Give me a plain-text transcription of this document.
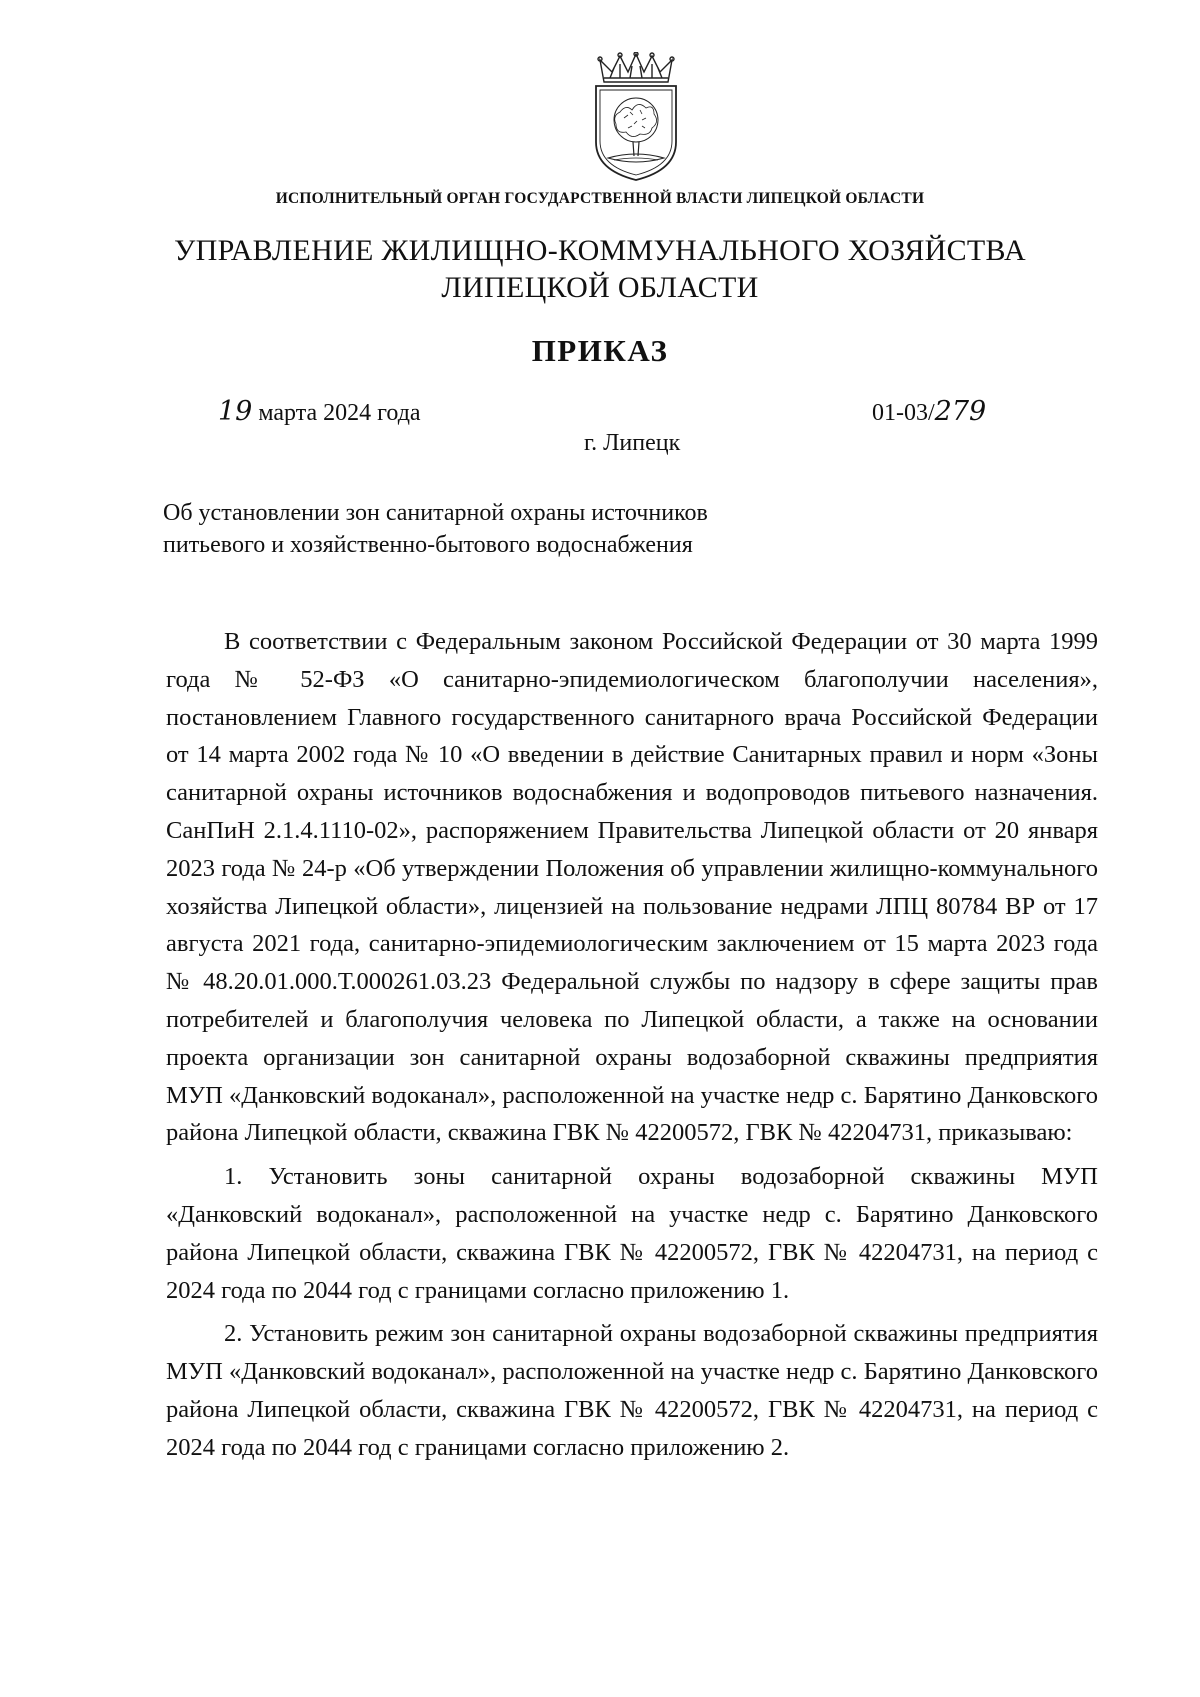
ИСПОЛНИТЕЛЬНЫЙ ОРГАН ГОСУДАРСТВЕННОЙ ВЛАСТИ ЛИПЕЦКОЙ ОБЛАСТИ
УПРАВЛЕНИЕ ЖИЛИЩНО-КОММУНАЛЬНОГО ХОЗЯЙСТВА
ЛИПЕЦКОЙ ОБЛАСТИ
ПРИКАЗ
19 марта 2024 года	01-03/279
г. Липецк
Об установлении зон санитарной охраны источников питьевого и хозяйственно-бытового водоснабжения

В соответствии с Федеральным законом Российской Федерации от 30 марта 1999 года № 52-ФЗ «О санитарно-эпидемиологическом благополучии населения», постановлением Главного государственного санитарного врача Российской Федерации от 14 марта 2002 года № 10 «О введении в действие Санитарных правил и норм «Зоны санитарной охраны источников водоснабжения и водопроводов питьевого назначения. СанПиН 2.1.4.1110-02», распоряжением Правительства Липецкой области от 20 января 2023 года № 24-р «Об утверждении Положения об управлении жилищно-коммунального хозяйства Липецкой области», лицензией на пользование недрами ЛПЦ 80784 ВР от 17 августа 2021 года, санитарно-эпидемиологическим заключением от 15 марта 2023 года № 48.20.01.000.Т.000261.03.23 Федеральной службы по надзору в сфере защиты прав потребителей и благополучия человека по Липецкой области, а также на основании проекта организации зон санитарной охраны водозаборной скважины предприятия МУП «Данковский водоканал», расположенной на участке недр с. Барятино Данковского района Липецкой области, скважина ГВК № 42200572, ГВК № 42204731, приказываю:

1. Установить зоны санитарной охраны водозаборной скважины МУП «Данковский водоканал», расположенной на участке недр с. Барятино Данковского района Липецкой области, скважина ГВК № 42200572, ГВК № 42204731, на период с 2024 года по 2044 год с границами согласно приложению 1.

2. Установить режим зон санитарной охраны водозаборной скважины предприятия МУП «Данковский водоканал», расположенной на участке недр с. Барятино Данковского района Липецкой области, скважина ГВК № 42200572, ГВК № 42204731, на период с 2024 года по 2044 год с границами согласно приложению 2.
